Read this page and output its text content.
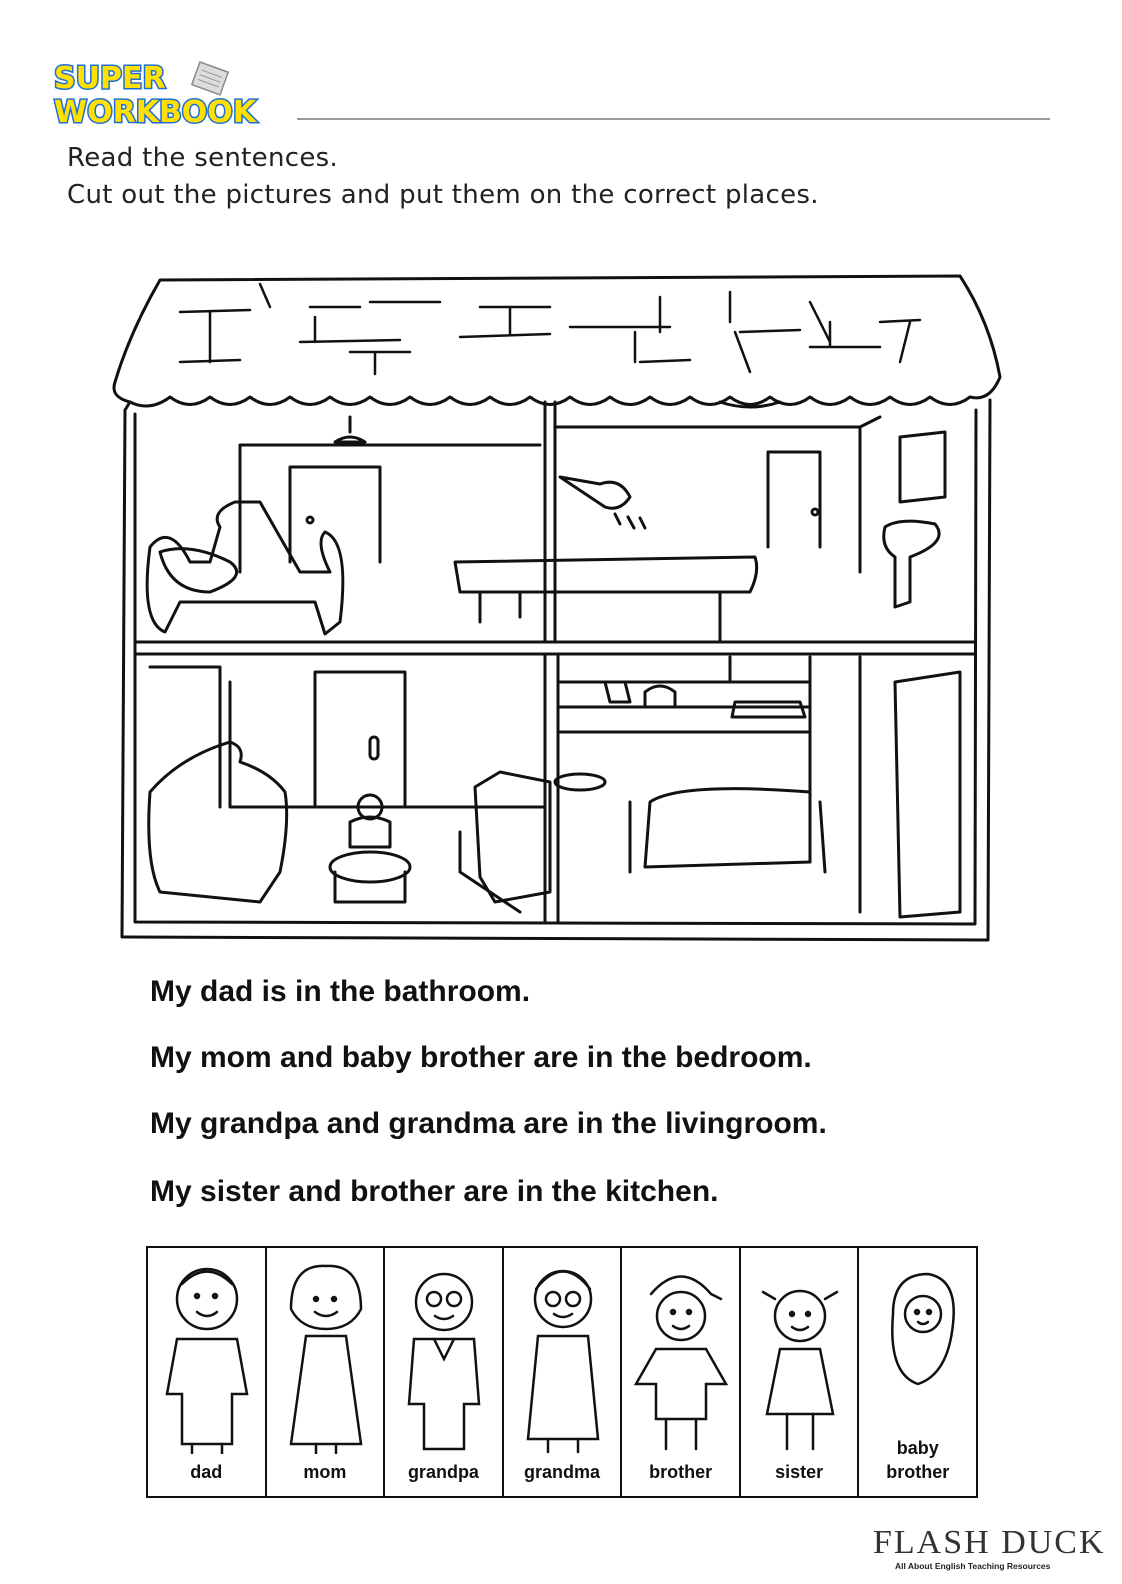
SUPER
WORKBOOK
Read the sentences.
Cut out the pictures and put them on the correct places.
My dad is in the bathroom.
My mom and baby brother are in the bedroom.
My grandpa and grandma are in the livingroom.
My sister and brother are in the kitchen.
dad	mom	grandpa	grandma	brother	sister
baby
brother
FLASH DUCK
All About English Teaching Resources
